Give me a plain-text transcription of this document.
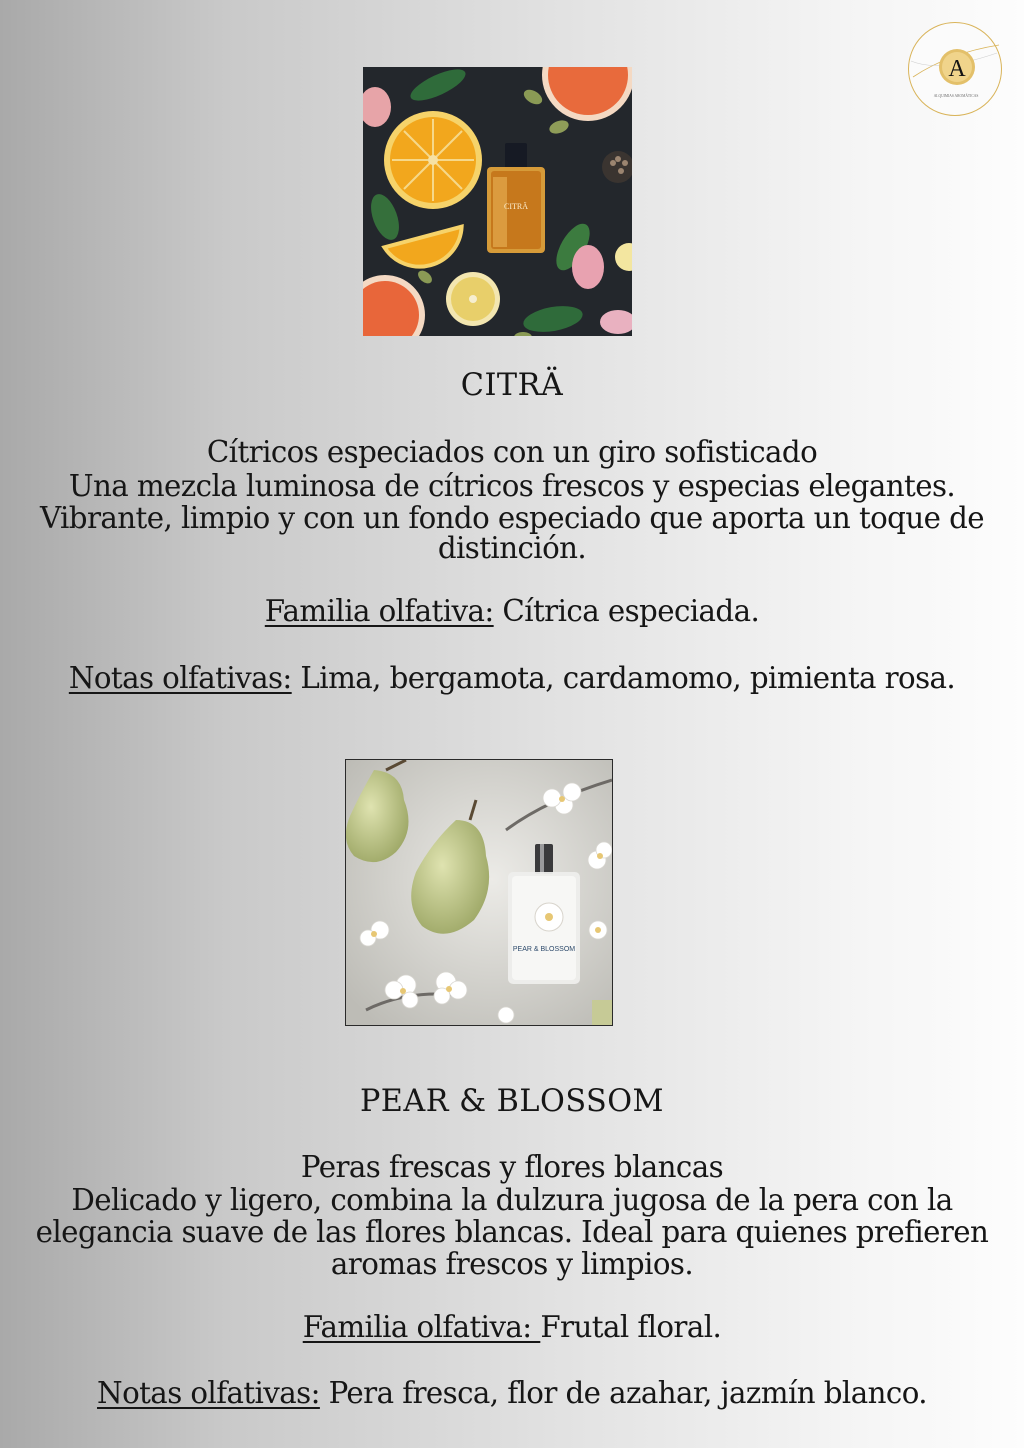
A
ALQUIMIAS AROMÁTICAS
CITRÄ
CITRÄ

Cítricos especiados con un giro sofisticado

Una mezcla luminosa de cítricos frescos y especias elegantes.

Vibrante, limpio y con un fondo especiado que aporta un toque de

distinción.

Familia olfativa: Cítrica especiada.

Notas olfativas: Lima, bergamota, cardamomo, pimienta rosa.

PEAR & BLOSSOM
PEAR & BLOSSOM

Peras frescas y flores blancas

Delicado y ligero, combina la dulzura jugosa de la pera con la

elegancia suave de las flores blancas. Ideal para quienes prefieren

aromas frescos y limpios.

Familia olfativa: Frutal floral.

Notas olfativas: Pera fresca, flor de azahar, jazmín blanco.
